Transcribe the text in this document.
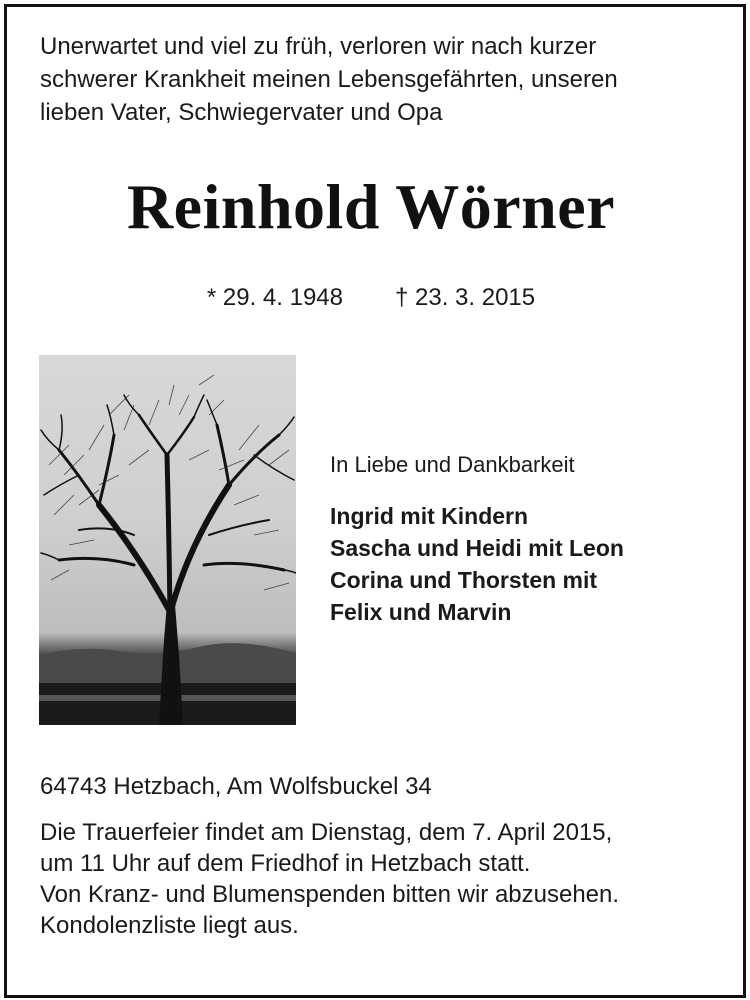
Unerwartet und viel zu früh, verloren wir nach kurzer
schwerer Krankheit meinen Lebensgefährten, unseren
lieben Vater, Schwiegervater und Opa
Reinhold Wörner
* 29. 4. 1948 † 23. 3. 2015
In Liebe und Dankbarkeit
Ingrid mit Kindern
Sascha und Heidi mit Leon
Corina und Thorsten mit
Felix und Marvin
64743 Hetzbach, Am Wolfsbuckel 34
Die Trauerfeier findet am Dienstag, dem 7. April 2015,
um 11 Uhr auf dem Friedhof in Hetzbach statt.
Von Kranz- und Blumenspenden bitten wir abzusehen.
Kondolenzliste liegt aus.
